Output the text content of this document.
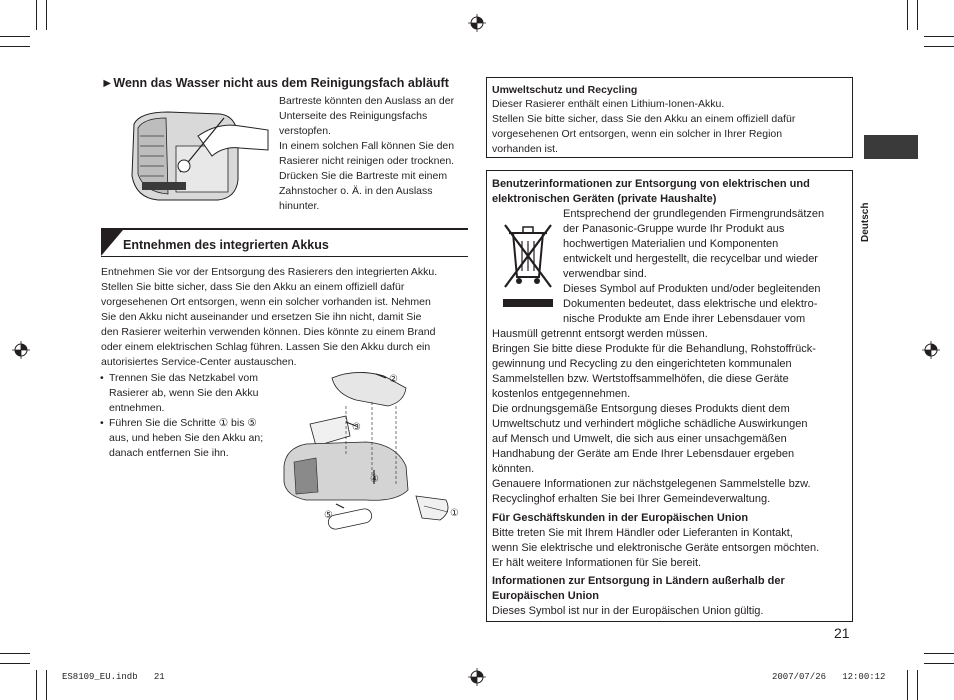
Deutsch
►Wenn das Wasser nicht aus dem Reinigungsfach abläuft
Bartreste könnten den Auslass an der
Unterseite des Reinigungsfachs
verstopfen.
In einem solchen Fall können Sie den
Rasierer nicht reinigen oder trocknen.
Drücken Sie die Bartreste mit einem
Zahnstocher o. Ä. in den Auslass
hinunter.
Entnehmen des integrierten Akkus
Entnehmen Sie vor der Entsorgung des Rasierers den integrierten Akku.
Stellen Sie bitte sicher, dass Sie den Akku an einem offiziell dafür
vorgesehenen Ort entsorgen, wenn ein solcher vorhanden ist. Nehmen
Sie den Akku nicht auseinander und ersetzen Sie ihn nicht, damit Sie
den Rasierer weiterhin verwenden können. Dies könnte zu einem Brand
oder einem elektrischen Schlag führen. Lassen Sie den Akku durch ein
autorisiertes Service-Center austauschen.
• Trennen Sie das Netzkabel vom
Rasierer ab, wenn Sie den Akku
entnehmen.
• Führen Sie die Schritte ① bis ⑤
aus, und heben Sie den Akku an;
danach entfernen Sie ihn.
②
③
④
⑤	①
Umweltschutz und Recycling
Dieser Rasierer enthält einen Lithium-Ionen-Akku.
Stellen Sie bitte sicher, dass Sie den Akku an einem offiziell dafür
vorgesehenen Ort entsorgen, wenn ein solcher in Ihrer Region
vorhanden ist.
Benutzerinformationen zur Entsorgung von elektrischen und
elektronischen Geräten (private Haushalte)
Entsprechend der grundlegenden Firmengrundsätzen
der Panasonic-Gruppe wurde Ihr Produkt aus
hochwertigen Materialien und Komponenten
entwickelt und hergestellt, die recycelbar und wieder
verwendbar sind.
Dieses Symbol auf Produkten und/oder begleitenden
Dokumenten bedeutet, dass elektrische und elektro-
nische Produkte am Ende ihrer Lebensdauer vom
Hausmüll getrennt entsorgt werden müssen.
Bringen Sie bitte diese Produkte für die Behandlung, Rohstoffrück-
gewinnung und Recycling zu den eingerichteten kommunalen
Sammelstellen bzw. Wertstoffsammelhöfen, die diese Geräte
kostenlos entgegennehmen.
Die ordnungsgemäße Entsorgung dieses Produkts dient dem
Umweltschutz und verhindert mögliche schädliche Auswirkungen
auf Mensch und Umwelt, die sich aus einer unsachgemäßen
Handhabung der Geräte am Ende Ihrer Lebensdauer ergeben
könnten.
Genauere Informationen zur nächstgelegenen Sammelstelle bzw.
Recyclinghof erhalten Sie bei Ihrer Gemeindeverwaltung.
Für Geschäftskunden in der Europäischen Union
Bitte treten Sie mit Ihrem Händler oder Lieferanten in Kontakt,
wenn Sie elektrische und elektronische Geräte entsorgen möchten.
Er hält weitere Informationen für Sie bereit.
Informationen zur Entsorgung in Ländern außerhalb der
Europäischen Union
Dieses Symbol ist nur in der Europäischen Union gültig.
21
ES8109_EU.indb   21	2007/07/26   12:00:12
